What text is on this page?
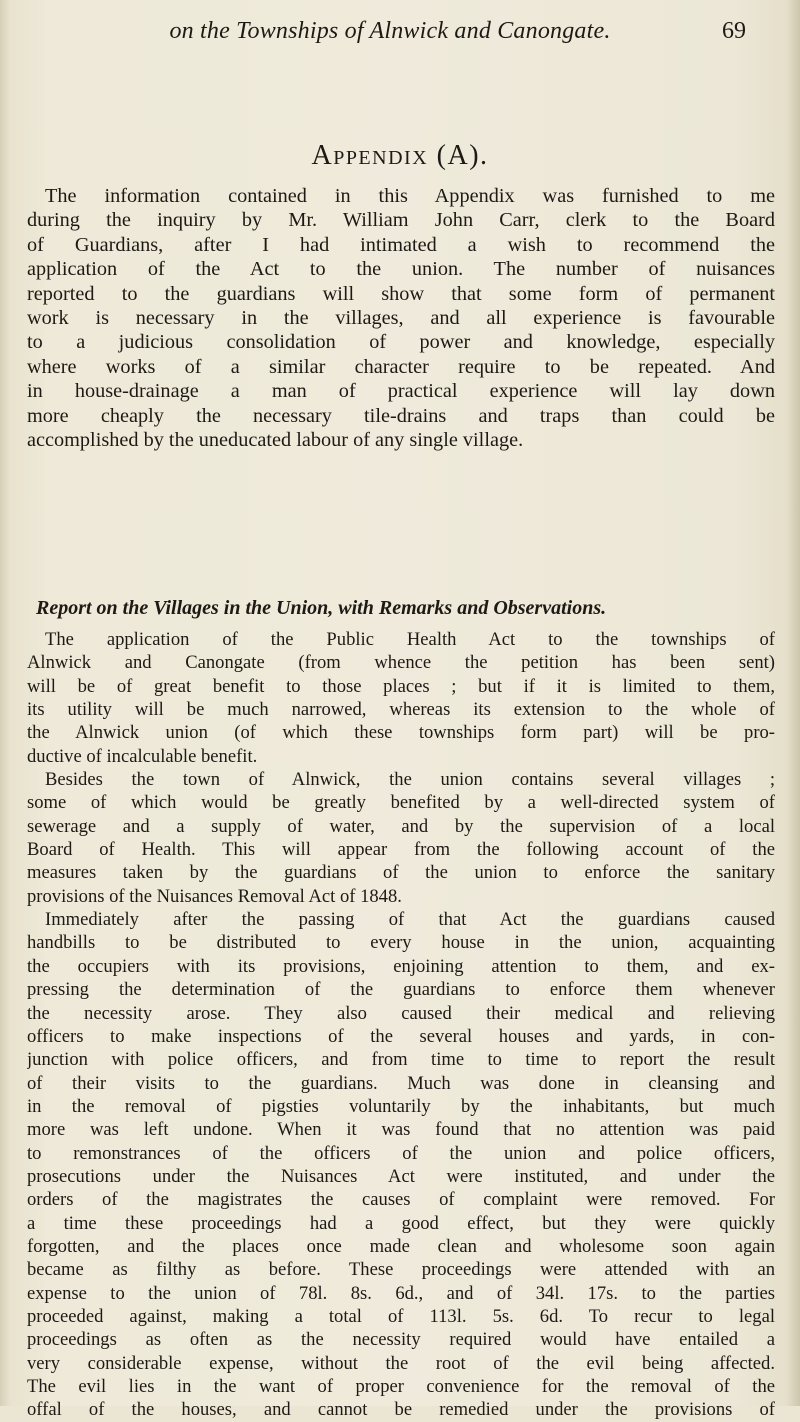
on the Townships of Alnwick and Canongate.	69
Appendix (A).
The information contained in this Appendix was furnished to me
during the inquiry by Mr. William John Carr, clerk to the Board
of Guardians, after I had intimated a wish to recommend the
application of the Act to the union. The number of nuisances
reported to the guardians will show that some form of permanent
work is necessary in the villages, and all experience is favourable
to a judicious consolidation of power and knowledge, especially
where works of a similar character require to be repeated. And
in house-drainage a man of practical experience will lay down
more cheaply the necessary tile-drains and traps than could be
accomplished by the uneducated labour of any single village.
Report on the Villages in the Union, with Remarks and Observations.
The application of the Public Health Act to the townships of
Alnwick and Canongate (from whence the petition has been sent)
will be of great benefit to those places ; but if it is limited to them,
its utility will be much narrowed, whereas its extension to the whole of
the Alnwick union (of which these townships form part) will be pro-
ductive of incalculable benefit.
Besides the town of Alnwick, the union contains several villages ;
some of which would be greatly benefited by a well-directed system of
sewerage and a supply of water, and by the supervision of a local
Board of Health. This will appear from the following account of the
measures taken by the guardians of the union to enforce the sanitary
provisions of the Nuisances Removal Act of 1848.
Immediately after the passing of that Act the guardians caused
handbills to be distributed to every house in the union, acquainting
the occupiers with its provisions, enjoining attention to them, and ex-
pressing the determination of the guardians to enforce them whenever
the necessity arose. They also caused their medical and relieving
officers to make inspections of the several houses and yards, in con-
junction with police officers, and from time to time to report the result
of their visits to the guardians. Much was done in cleansing and
in the removal of pigsties voluntarily by the inhabitants, but much
more was left undone. When it was found that no attention was paid
to remonstrances of the officers of the union and police officers,
prosecutions under the Nuisances Act were instituted, and under the
orders of the magistrates the causes of complaint were removed. For
a time these proceedings had a good effect, but they were quickly
forgotten, and the places once made clean and wholesome soon again
became as filthy as before. These proceedings were attended with an
expense to the union of 78l. 8s. 6d., and of 34l. 17s. to the parties
proceeded against, making a total of 113l. 5s. 6d. To recur to legal
proceedings as often as the necessity required would have entailed a
very considerable expense, without the root of the evil being affected.
The evil lies in the want of proper convenience for the removal of the
offal of the houses, and cannot be remedied under the provisions of
